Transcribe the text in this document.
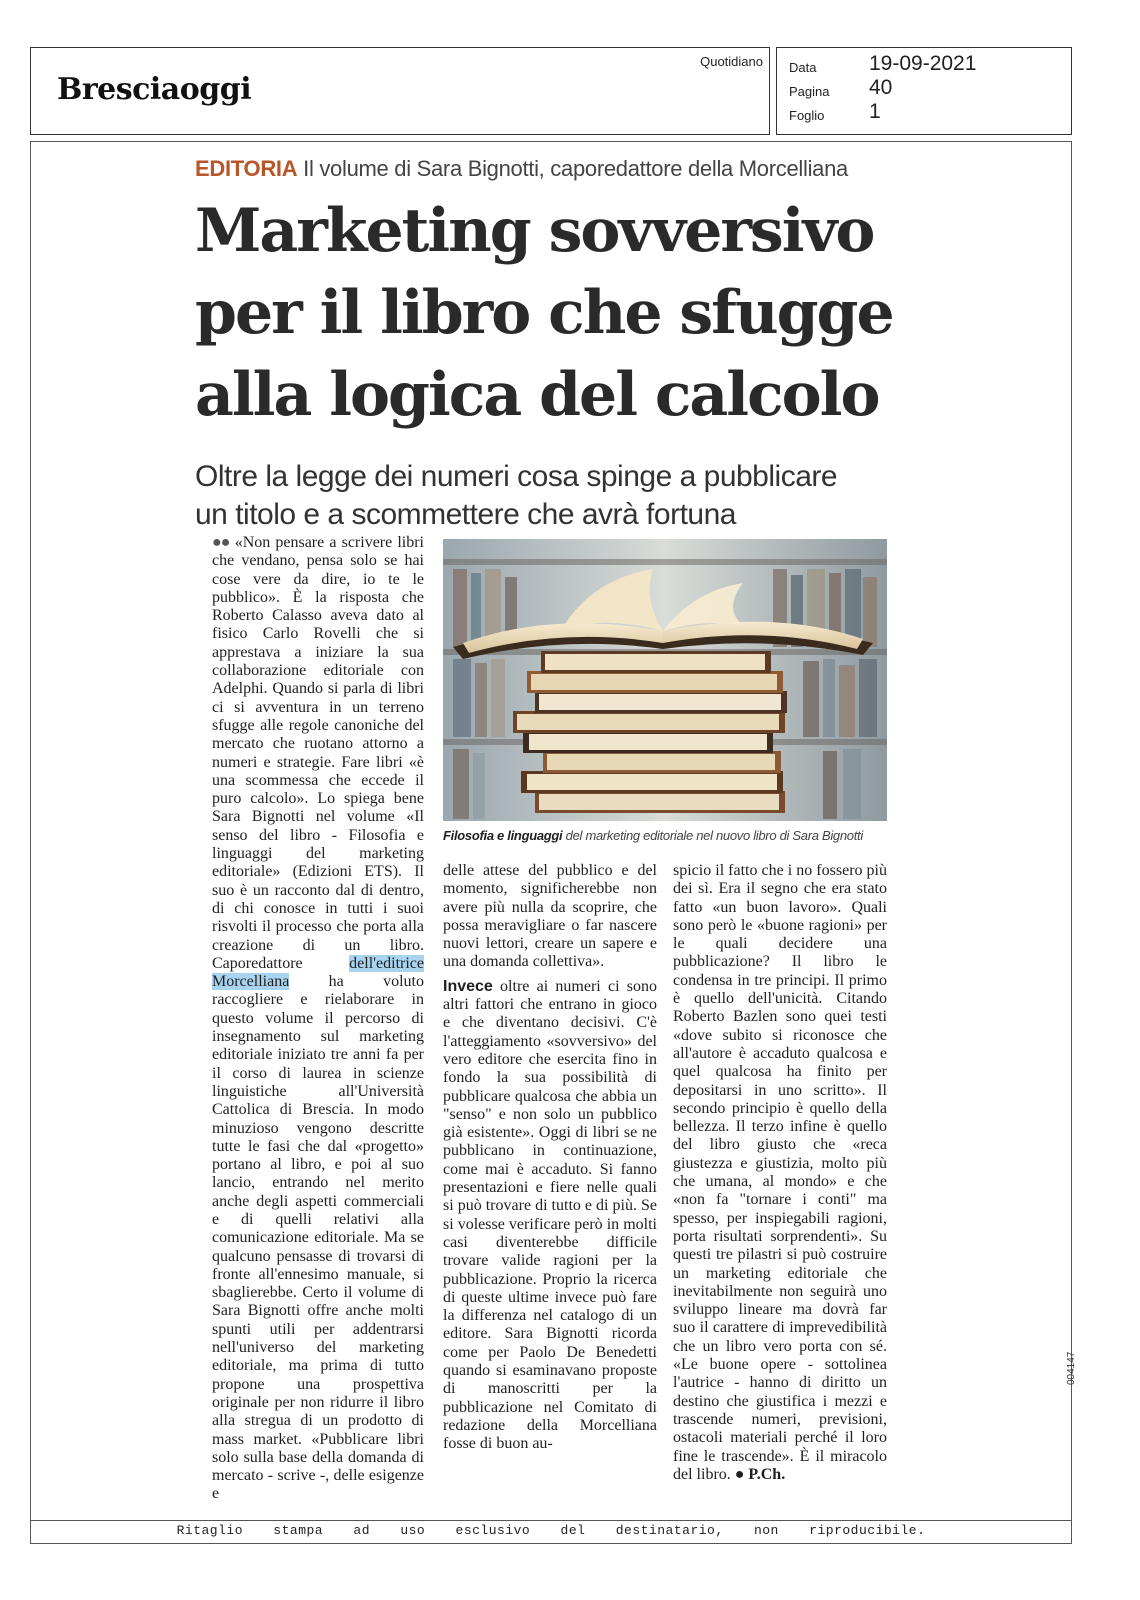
Bresciaoggi
Quotidiano Data	19-09-2021
Pagina 40
Foglio 1
EDITORIA Il volume di Sara Bignotti, caporedattore della Morcelliana
Marketing sovversivo
per il libro che sfugge
alla logica del calcolo
Oltre la legge dei numeri cosa spinge a pubblicare
un titolo e a scommettere che avrà fortuna
●● «Non pensare a scrivere libri che vendano, pensa solo se hai cose vere da dire, io te le pubblico». È la risposta che Roberto Calasso aveva dato al fisico Carlo Rovelli che si apprestava a iniziare la sua collaborazione editoriale con Adelphi. Quando si parla di libri ci si avventura in un terreno sfugge alle regole canoniche del mercato che ruotano attorno a numeri e strategie. Fare libri «è una scommessa che eccede il puro calcolo». Lo spiega bene Sara Bignotti nel volume «Il senso del libro - Filosofia e linguaggi del marketing editoriale» (Edizioni ETS). Il suo è un racconto dal di dentro, di chi conosce in tutti i suoi risvolti il processo che porta alla creazione di un libro. Caporedattore dell'editrice Morcelliana ha voluto raccogliere e rielaborare in questo volume il percorso di insegnamento sul marketing editoriale iniziato tre anni fa per il corso di laurea in scienze linguistiche all'Università Cattolica di Brescia. In modo minuzioso vengono descritte tutte le fasi che dal «progetto» portano al libro, e poi al suo lancio, entrando nel merito anche degli aspetti commerciali e di quelli relativi alla comunicazione editoriale. Ma se qualcuno pensasse di trovarsi di fronte all'ennesimo manuale, si sbaglierebbe. Certo il volume di Sara Bignotti offre anche molti spunti utili per addentrarsi nell'universo del marketing editoriale, ma prima di tutto propone una prospettiva originale per non ridurre il libro alla stregua di un prodotto di mass market. «Pubblicare libri solo sulla base della domanda di mercato - scrive -, delle esigenze e
Filosofia e linguaggi del marketing editoriale nel nuovo libro di Sara Bignotti

delle attese del pubblico e del momento, significherebbe non avere più nulla da scoprire, che possa meravigliare o far nascere nuovi lettori, creare un sapere e una domanda collettiva».

Invece oltre ai numeri ci sono altri fattori che entrano in gioco e che diventano decisivi. C'è l'atteggiamento «sovversivo» del vero editore che esercita fino in fondo la sua possibilità di pubblicare qualcosa che abbia un "senso" e non solo un pubblico già esistente». Oggi di libri se ne pubblicano in continuazione, come mai è accaduto. Si fanno presentazioni e fiere nelle quali si può trovare di tutto e di più. Se si volesse verificare però in molti casi diventerebbe difficile trovare valide ragioni per la pubblicazione. Proprio la ricerca di queste ultime invece può fare la differenza nel catalogo di un editore. Sara Bignotti ricorda come per Paolo De Benedetti quando si esaminavano proposte di manoscritti per la pubblicazione nel Comitato di redazione della Morcelliana fosse di buon au-

spicio il fatto che i no fossero più dei sì. Era il segno che era stato fatto «un buon lavoro». Quali sono però le «buone ragioni» per le quali decidere una pubblicazione? Il libro le condensa in tre principi. Il primo è quello dell'unicità. Citando Roberto Bazlen sono quei testi «dove subito si riconosce che all'autore è accaduto qualcosa e quel qualcosa ha finito per depositarsi in uno scritto». Il secondo principio è quello della bellezza. Il terzo infine è quello del libro giusto che «reca giustezza e giustizia, molto più che umana, al mondo» e che «non fa "tornare i conti" ma spesso, per inspiegabili ragioni, porta risultati sorprendenti». Su questi tre pilastri si può costruire un marketing editoriale che inevitabilmente non seguirà uno sviluppo lineare ma dovrà far suo il carattere di imprevedibilità che un libro vero porta con sé. «Le buone opere - sottolinea l'autrice - hanno di diritto un destino che giustifica i mezzi e trascende numeri, previsioni, ostacoli materiali perché il loro fine le trascende». È il miracolo del libro. ● P.Ch.
004147
Ritaglio stampa ad uso esclusivo del destinatario, non riproducibile.
